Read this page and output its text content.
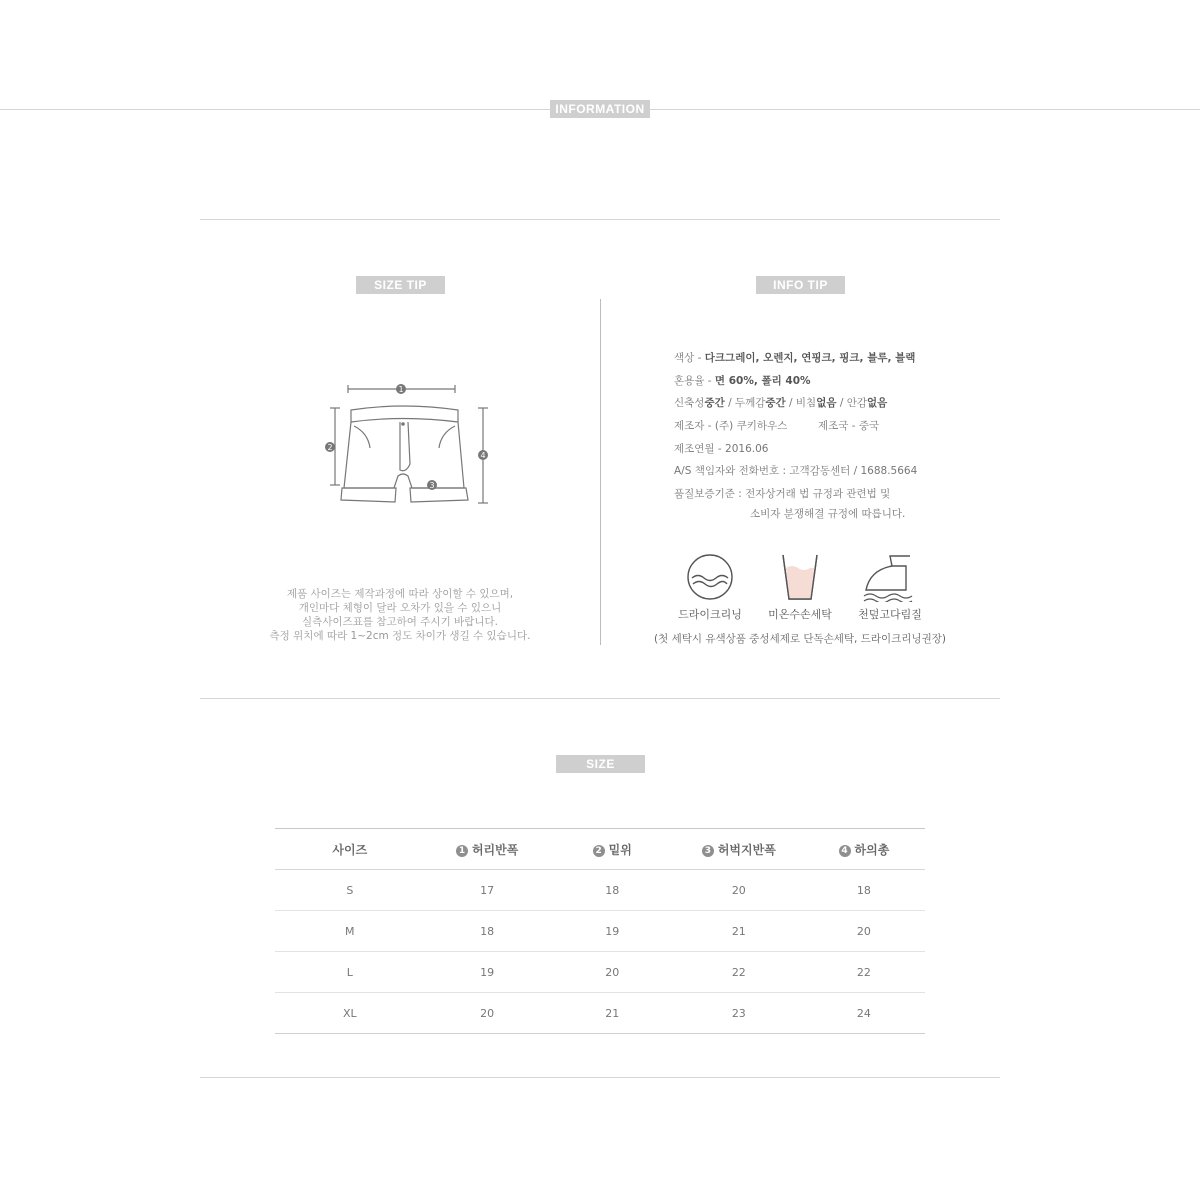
INFORMATION
SIZE TIP
1
2
3
4
제품 사이즈는 제작과정에 따라 상이할 수 있으며,
개인마다 체형이 달라 오차가 있을 수 있으니
실측사이즈표를 참고하여 주시기 바랍니다.
측정 위치에 따라 1~2cm 정도 차이가 생길 수 있습니다.
INFO TIP
색상 - 다크그레이, 오렌지, 연핑크, 핑크, 블루, 블랙
혼용율 - 면 60%, 폴리 40%
신축성중간 / 두께감중간 / 비침없음 / 안감없음
제조자 - (주) 쿠키하우스	제조국 - 중국
제조연월 - 2016.06
A/S 책임자와 전화번호 : 고객감동센터 / 1688.5664
품질보증기준 : 전자상거래 법 규정과 관련법 및
소비자 분쟁해결 규정에 따릅니다.
드라이크리닝	미온수손세탁	천덮고다림질
(첫 세탁시 유색상품 중성세제로 단독손세탁, 드라이크리닝권장)
SIZE
사이즈	1 허리반폭	2 밑위	3 허벅지반폭	4 하의총
S	17	18	20	18
M	18	19	21	20
L	19	20	22	22
XL	20	21	23	24
